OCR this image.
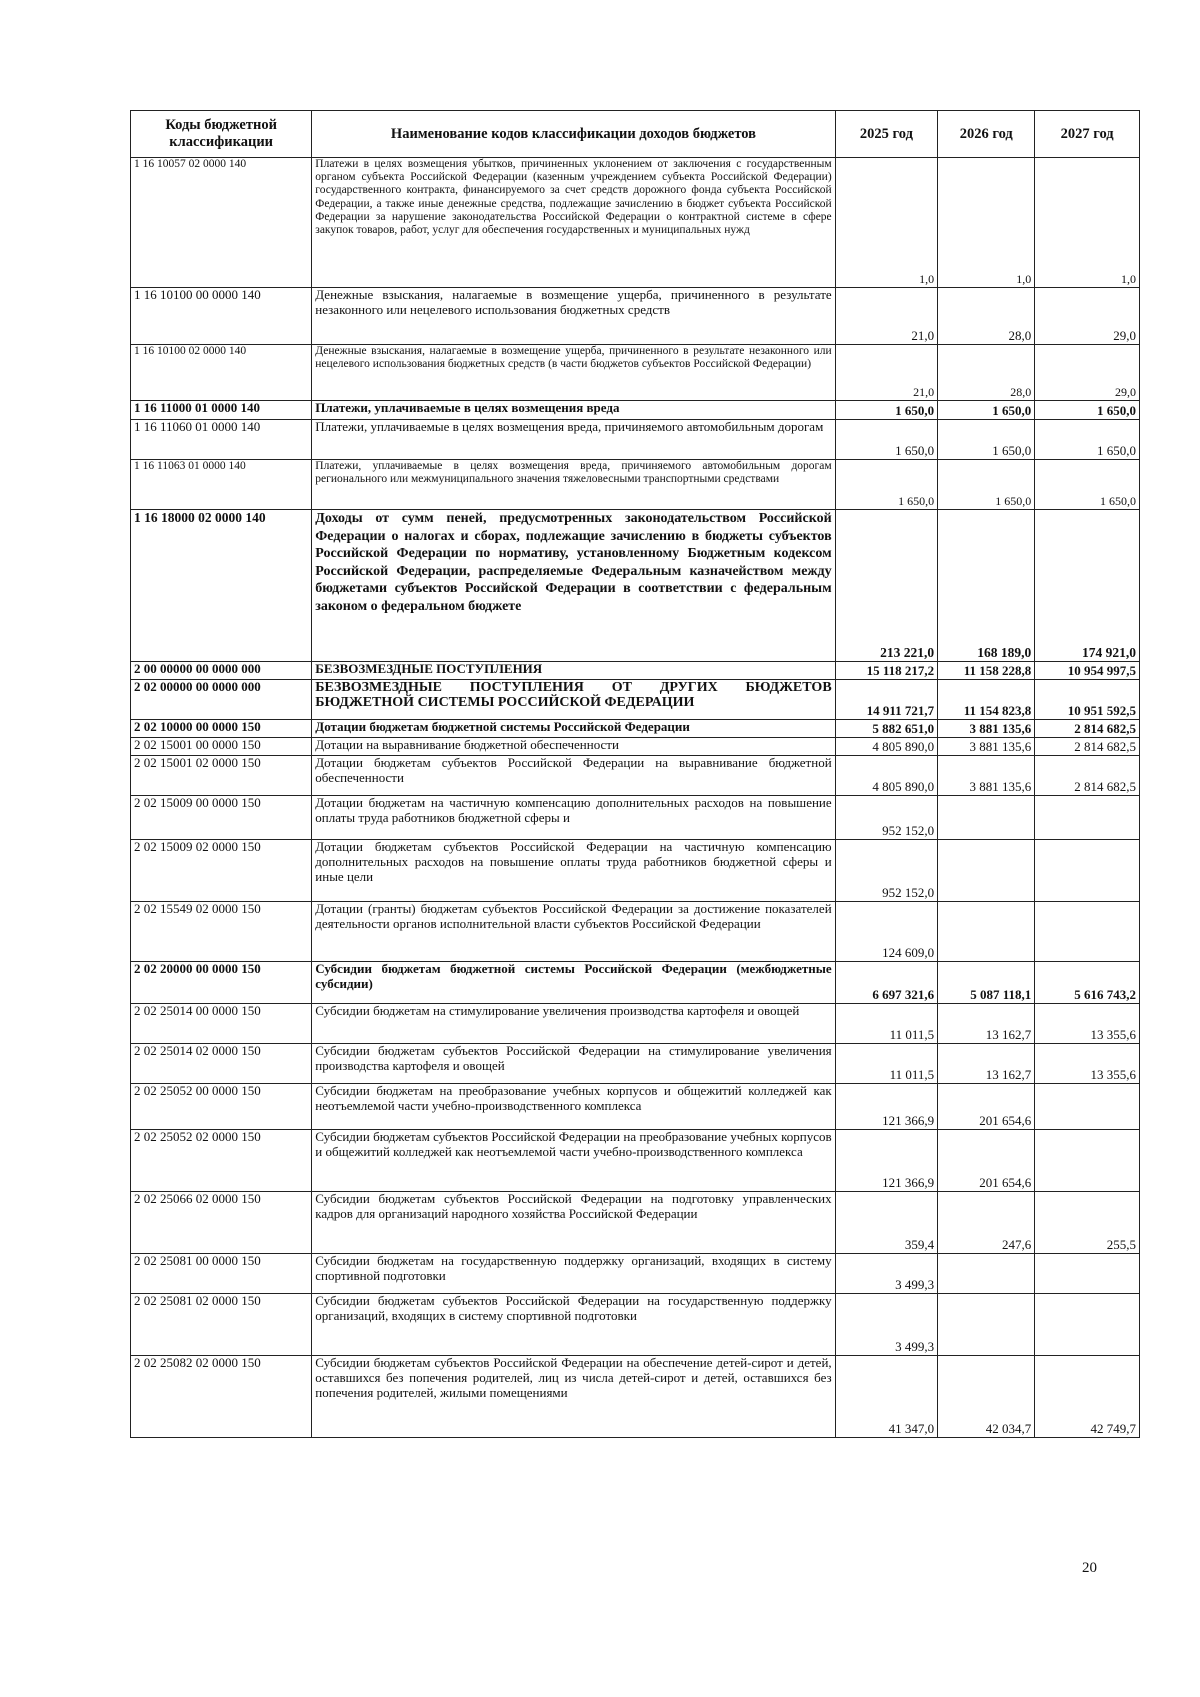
Коды бюджетной классификации	Наименование кодов классификации доходов бюджетов	2025 год	2026 год	2027 год
1 16 10057 02 0000 140	Платежи в целях возмещения убытков, причиненных уклонением от заключения с государственным органом субъекта Российской Федерации (казенным учреждением субъекта Российской Федерации) государственного контракта, финансируемого за счет средств дорожного фонда субъекта Российской Федерации, а также иные денежные средства, подлежащие зачислению в бюджет субъекта Российской Федерации за нарушение законодательства Российской Федерации о контрактной системе в сфере закупок товаров, работ, услуг для обеспечения государственных и муниципальных нужд	1,0	1,0	1,0
1 16 10100 00 0000 140	Денежные взыскания, налагаемые в возмещение ущерба, причиненного в результате незаконного или нецелевого использования бюджетных средств	21,0	28,0	29,0
1 16 10100 02 0000 140	Денежные взыскания, налагаемые в возмещение ущерба, причиненного в результате незаконного или нецелевого использования бюджетных средств (в части бюджетов субъектов Российской Федерации)	21,0	28,0	29,0
1 16 11000 01 0000 140	Платежи, уплачиваемые в целях возмещения вреда	1 650,0	1 650,0	1 650,0
1 16 11060 01 0000 140	Платежи, уплачиваемые в целях возмещения вреда, причиняемого автомобильным дорогам	1 650,0	1 650,0	1 650,0
1 16 11063 01 0000 140	Платежи, уплачиваемые в целях возмещения вреда, причиняемого автомобильным дорогам регионального или межмуниципального значения тяжеловесными транспортными средствами	1 650,0	1 650,0	1 650,0
1 16 18000 02 0000 140	Доходы от сумм пеней, предусмотренных законодательством Российской Федерации о налогах и сборах, подлежащие зачислению в бюджеты субъектов Российской Федерации по нормативу, установленному Бюджетным кодексом Российской Федерации, распределяемые Федеральным казначейством между бюджетами субъектов Российской Федерации в соответствии с федеральным законом о федеральном бюджете	213 221,0	168 189,0	174 921,0
2 00 00000 00 0000 000	БЕЗВОЗМЕЗДНЫЕ ПОСТУПЛЕНИЯ	15 118 217,2	11 158 228,8	10 954 997,5
2 02 00000 00 0000 000	БЕЗВОЗМЕЗДНЫЕ ПОСТУПЛЕНИЯ ОТ ДРУГИХ БЮДЖЕТОВ БЮДЖЕТНОЙ СИСТЕМЫ РОССИЙСКОЙ ФЕДЕРАЦИИ	14 911 721,7	11 154 823,8	10 951 592,5
2 02 10000 00 0000 150	Дотации бюджетам бюджетной системы Российской Федерации	5 882 651,0	3 881 135,6	2 814 682,5
2 02 15001 00 0000 150	Дотации на выравнивание бюджетной обеспеченности	4 805 890,0	3 881 135,6	2 814 682,5
2 02 15001 02 0000 150	Дотации бюджетам субъектов Российской Федерации на выравнивание бюджетной обеспеченности	4 805 890,0	3 881 135,6	2 814 682,5
2 02 15009 00 0000 150	Дотации бюджетам на частичную компенсацию дополнительных расходов на повышение оплаты труда работников бюджетной сферы и	952 152,0		
2 02 15009 02 0000 150	Дотации бюджетам субъектов Российской Федерации на частичную компенсацию дополнительных расходов на повышение оплаты труда работников бюджетной сферы и иные цели	952 152,0		
2 02 15549 02 0000 150	Дотации (гранты) бюджетам субъектов Российской Федерации за достижение показателей деятельности органов исполнительной власти субъектов Российской Федерации	124 609,0		
2 02 20000 00 0000 150	Субсидии бюджетам бюджетной системы Российской Федерации (межбюджетные субсидии)	6 697 321,6	5 087 118,1	5 616 743,2
2 02 25014 00 0000 150	Субсидии бюджетам на стимулирование увеличения производства картофеля и овощей	11 011,5	13 162,7	13 355,6
2 02 25014 02 0000 150	Субсидии бюджетам субъектов Российской Федерации на стимулирование увеличения производства картофеля и овощей	11 011,5	13 162,7	13 355,6
2 02 25052 00 0000 150	Субсидии бюджетам на преобразование учебных корпусов и общежитий колледжей как неотъемлемой части учебно-производственного комплекса	121 366,9	201 654,6	
2 02 25052 02 0000 150	Субсидии бюджетам субъектов Российской Федерации на преобразование учебных корпусов и общежитий колледжей как неотъемлемой части учебно-производственного комплекса	121 366,9	201 654,6	
2 02 25066 02 0000 150	Субсидии бюджетам субъектов Российской Федерации на подготовку управленческих кадров для организаций народного хозяйства Российской Федерации	359,4	247,6	255,5
2 02 25081 00 0000 150	Субсидии бюджетам на государственную поддержку организаций, входящих в систему спортивной подготовки	3 499,3		
2 02 25081 02 0000 150	Субсидии бюджетам субъектов Российской Федерации на государственную поддержку организаций, входящих в систему спортивной подготовки	3 499,3		
2 02 25082 02 0000 150	Субсидии бюджетам субъектов Российской Федерации на обеспечение детей-сирот и детей, оставшихся без попечения родителей, лиц из числа детей-сирот и детей, оставшихся без попечения родителей, жилыми помещениями	41 347,0	42 034,7	42 749,7
20
